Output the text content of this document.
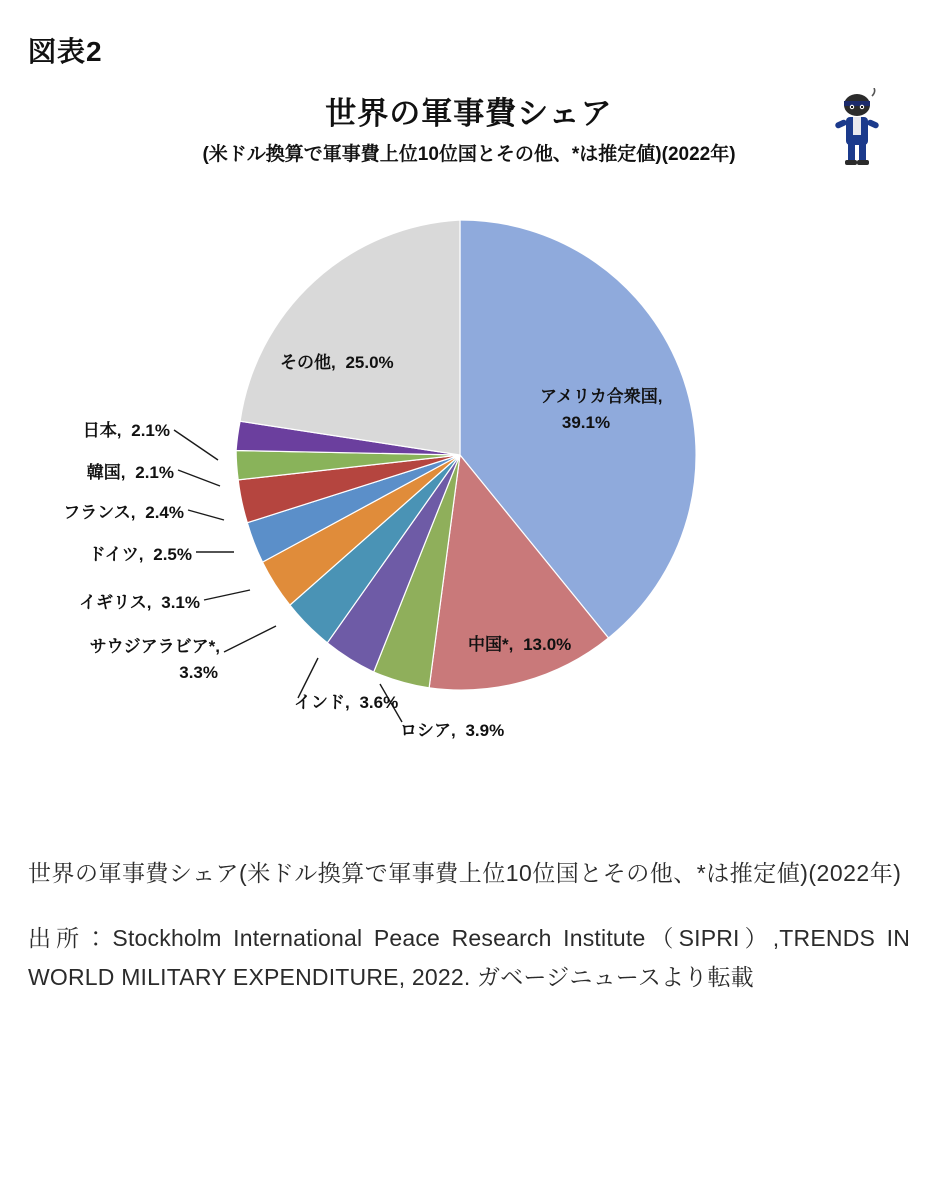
図表2
世界の軍事費シェア
(米ドル換算で軍事費上位10位国とその他、*は推定値)(2022年)
アメリカ合衆国,
39.1%
中国*, 13.0%
その他, 25.0%
日本, 2.1%
韓国, 2.1%
フランス, 2.4%
ドイツ, 2.5%
イギリス, 3.1%
サウジアラビア*,
3.3%
インド, 3.6%
ロシア, 3.9%
世界の軍事費シェア(米ドル換算で軍事費上位10位国とその他、*は推定値)(2022年)
出所：Stockholm International Peace Research Institute（SIPRI）,TRENDS IN WORLD MILITARY EXPENDITURE, 2022. ガベージニュースより転載
